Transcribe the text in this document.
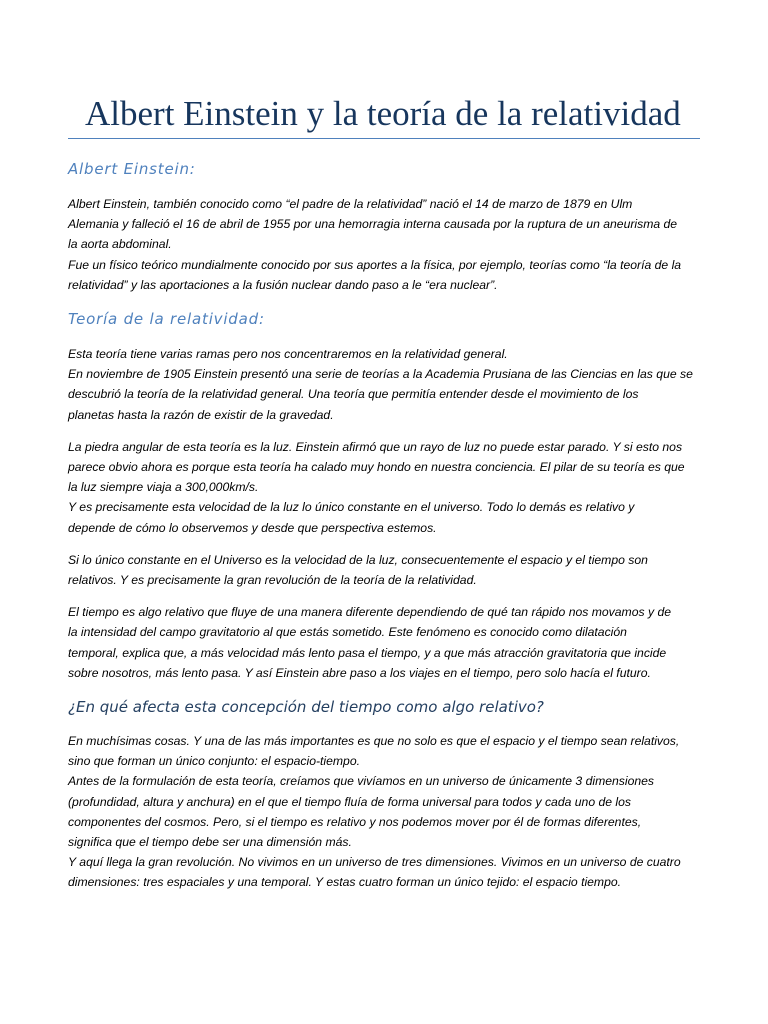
Albert Einstein y la teoría de la relatividad
Albert Einstein:

Albert Einstein, también conocido como “el padre de la relatividad” nació el 14 de marzo de 1879 en Ulm
Alemania y falleció el 16 de abril de 1955 por una hemorragia interna causada por la ruptura de un aneurisma de
la aorta abdominal.
Fue un físico teórico mundialmente conocido por sus aportes a la física, por ejemplo, teorías como “la teoría de la
relatividad” y las aportaciones a la fusión nuclear dando paso a le “era nuclear”.

Teoría de la relatividad:

Esta teoría tiene varias ramas pero nos concentraremos en la relatividad general.
En noviembre de 1905 Einstein presentó una serie de teorías a la Academia Prusiana de las Ciencias en las que se
descubrió la teoría de la relatividad general. Una teoría que permitía entender desde el movimiento de los
planetas hasta la razón de existir de la gravedad.

La piedra angular de esta teoría es la luz. Einstein afirmó que un rayo de luz no puede estar parado. Y si esto nos
parece obvio ahora es porque esta teoría ha calado muy hondo en nuestra conciencia. El pilar de su teoría es que
la luz siempre viaja a 300,000km/s.
Y es precisamente esta velocidad de la luz lo único constante en el universo. Todo lo demás es relativo y
depende de cómo lo observemos y desde que perspectiva estemos.

Si lo único constante en el Universo es la velocidad de la luz, consecuentemente el espacio y el tiempo son
relativos. Y es precisamente la gran revolución de la teoría de la relatividad.

El tiempo es algo relativo que fluye de una manera diferente dependiendo de qué tan rápido nos movamos y de
la intensidad del campo gravitatorio al que estás sometido. Este fenómeno es conocido como dilatación
temporal, explica que, a más velocidad más lento pasa el tiempo, y a que más atracción gravitatoria que incide
sobre nosotros, más lento pasa. Y así Einstein abre paso a los viajes en el tiempo, pero solo hacía el futuro.

¿En qué afecta esta concepción del tiempo como algo relativo?

En muchísimas cosas. Y una de las más importantes es que no solo es que el espacio y el tiempo sean relativos,
sino que forman un único conjunto: el espacio-tiempo.
Antes de la formulación de esta teoría, creíamos que vivíamos en un universo de únicamente 3 dimensiones
(profundidad, altura y anchura) en el que el tiempo fluía de forma universal para todos y cada uno de los
componentes del cosmos. Pero, si el tiempo es relativo y nos podemos mover por él de formas diferentes,
significa que el tiempo debe ser una dimensión más.
Y aquí llega la gran revolución. No vivimos en un universo de tres dimensiones. Vivimos en un universo de cuatro
dimensiones: tres espaciales y una temporal. Y estas cuatro forman un único tejido: el espacio tiempo.
